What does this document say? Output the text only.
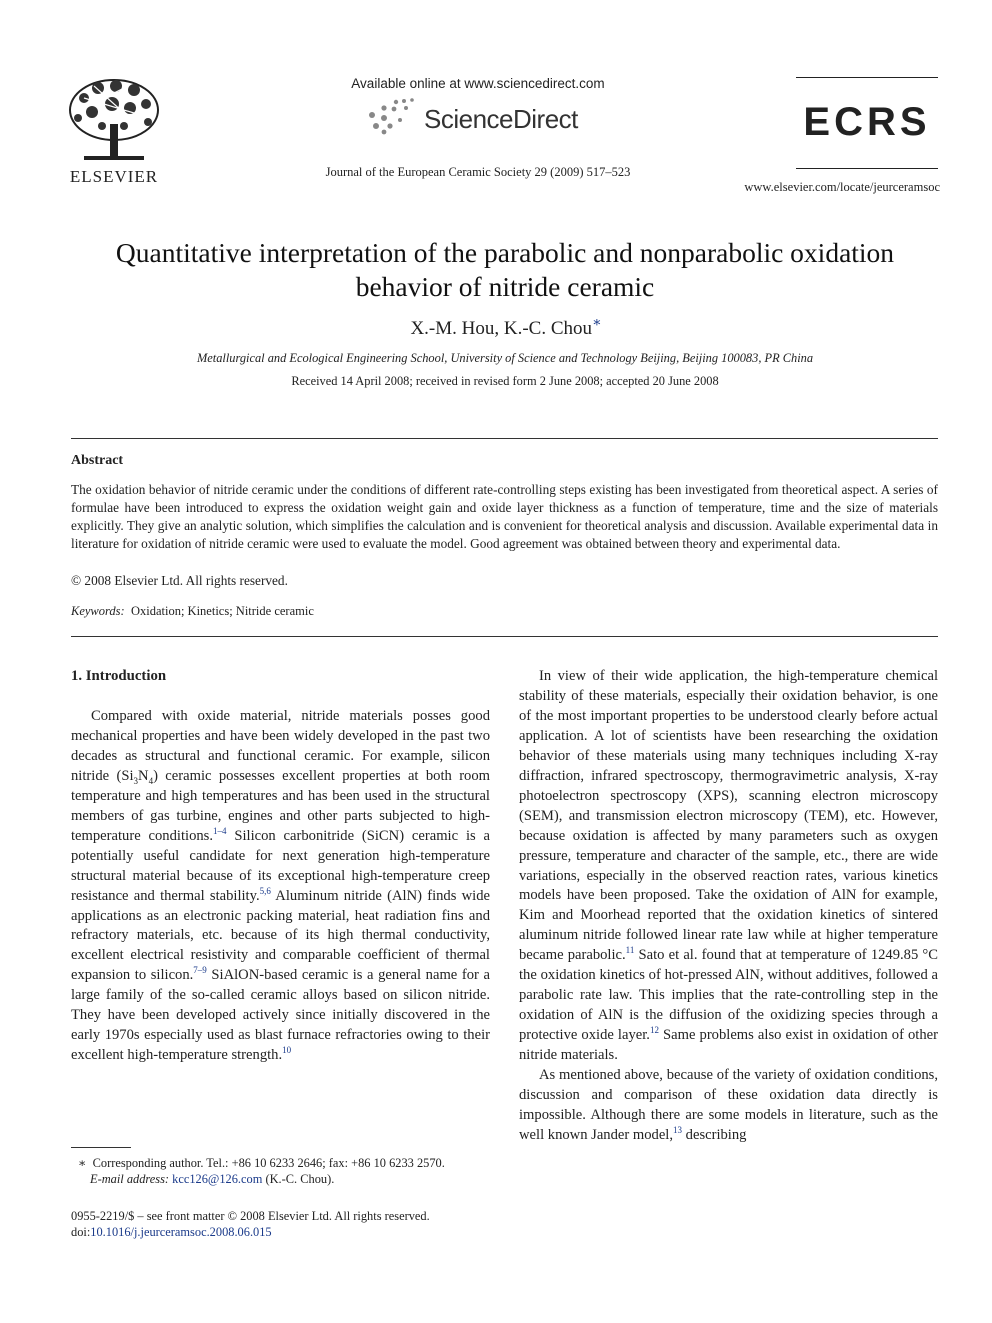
ELSEVIER
Available online at www.sciencedirect.com
ScienceDirect
Journal of the European Ceramic Society 29 (2009) 517–523
ECRS
www.elsevier.com/locate/jeurceramsoc
Quantitative interpretation of the parabolic and nonparabolic oxidation
behavior of nitride ceramic
X.-M. Hou, K.-C. Chou∗
Metallurgical and Ecological Engineering School, University of Science and Technology Beijing, Beijing 100083, PR China
Received 14 April 2008; received in revised form 2 June 2008; accepted 20 June 2008
Abstract
The oxidation behavior of nitride ceramic under the conditions of different rate-controlling steps existing has been investigated from theoretical aspect. A series of formulae have been introduced to express the oxidation weight gain and oxide layer thickness as a function of temperature, time and the size of materials explicitly. They give an analytic solution, which simplifies the calculation and is convenient for theoretical analysis and discussion. Available experimental data in literature for oxidation of nitride ceramic were used to evaluate the model. Good agreement was obtained between theory and experimental data.
© 2008 Elsevier Ltd. All rights reserved.
Keywords: Oxidation; Kinetics; Nitride ceramic
1. Introduction

Compared with oxide material, nitride materials posses good mechanical properties and have been widely developed in the past two decades as structural and functional ceramic. For example, silicon nitride $(Si_3N_4)$ ceramic possesses excellent properties at both room temperature and high temperatures and has been used in the structural members of gas turbine, engines and other parts subjected to high-temperature conditions.$^{1-4}$ Silicon carbonitride (SiCN) ceramic is a potentially useful candidate for next generation high-temperature structural material because of its exceptional high-temperature creep resistance and thermal stability.$^{5,6}$ Aluminum nitride (AlN) finds wide applications as an electronic packing material, heat radiation fins and refractory materials, etc. because of its high thermal conductivity, excellent electrical resistivity and comparable coefficient of thermal expansion to silicon.$^{7-9}$ SiAlON-based ceramic is a general name for a large family of the so-called ceramic alloys based on silicon nitride. They have been developed actively since initially discovered in the early 1970s especially used as blast furnace refractories owing to their excellent high-temperature strength.$^{10}$

In view of their wide application, the high-temperature chemical stability of these materials, especially their oxidation behavior, is one of the most important properties to be understood clearly before actual application. A lot of scientists have been researching the oxidation behavior of these materials using many techniques including X-ray diffraction, infrared spectroscopy, thermogravimetric analysis, X-ray photoelectron spectroscopy (XPS), scanning electron microscopy (SEM), and transmission electron microscopy (TEM), etc. However, because oxidation is affected by many parameters such as oxygen pressure, temperature and character of the sample, etc., there are wide variations, especially in the observed reaction rates, various kinetics models have been proposed. Take the oxidation of AlN for example, Kim and Moorhead reported that the oxidation kinetics of sintered aluminum nitride followed linear rate law while at higher temperature became parabolic.$^{11}$ Sato et al. found that at temperature of 1249.85 °C the oxidation kinetics of hot-pressed AlN, without additives, followed a parabolic rate law. This implies that the rate-controlling step in the oxidation of AlN is the diffusion of the oxidizing species through a protective oxide layer.$^{12}$ Same problems also exist in oxidation of other nitride materials.

As mentioned above, because of the variety of oxidation conditions, discussion and comparison of these oxidation data directly is impossible. Although there are some models in literature, such as the well known Jander model,$^{13}$ describing

∗ Corresponding author. Tel.: +86 10 6233 2646; fax: +86 10 6233 2570.
E-mail address: kcc126@126.com (K.-C. Chou).
0955-2219/$ – see front matter © 2008 Elsevier Ltd. All rights reserved.
doi:10.1016/j.jeurceramsoc.2008.06.015
